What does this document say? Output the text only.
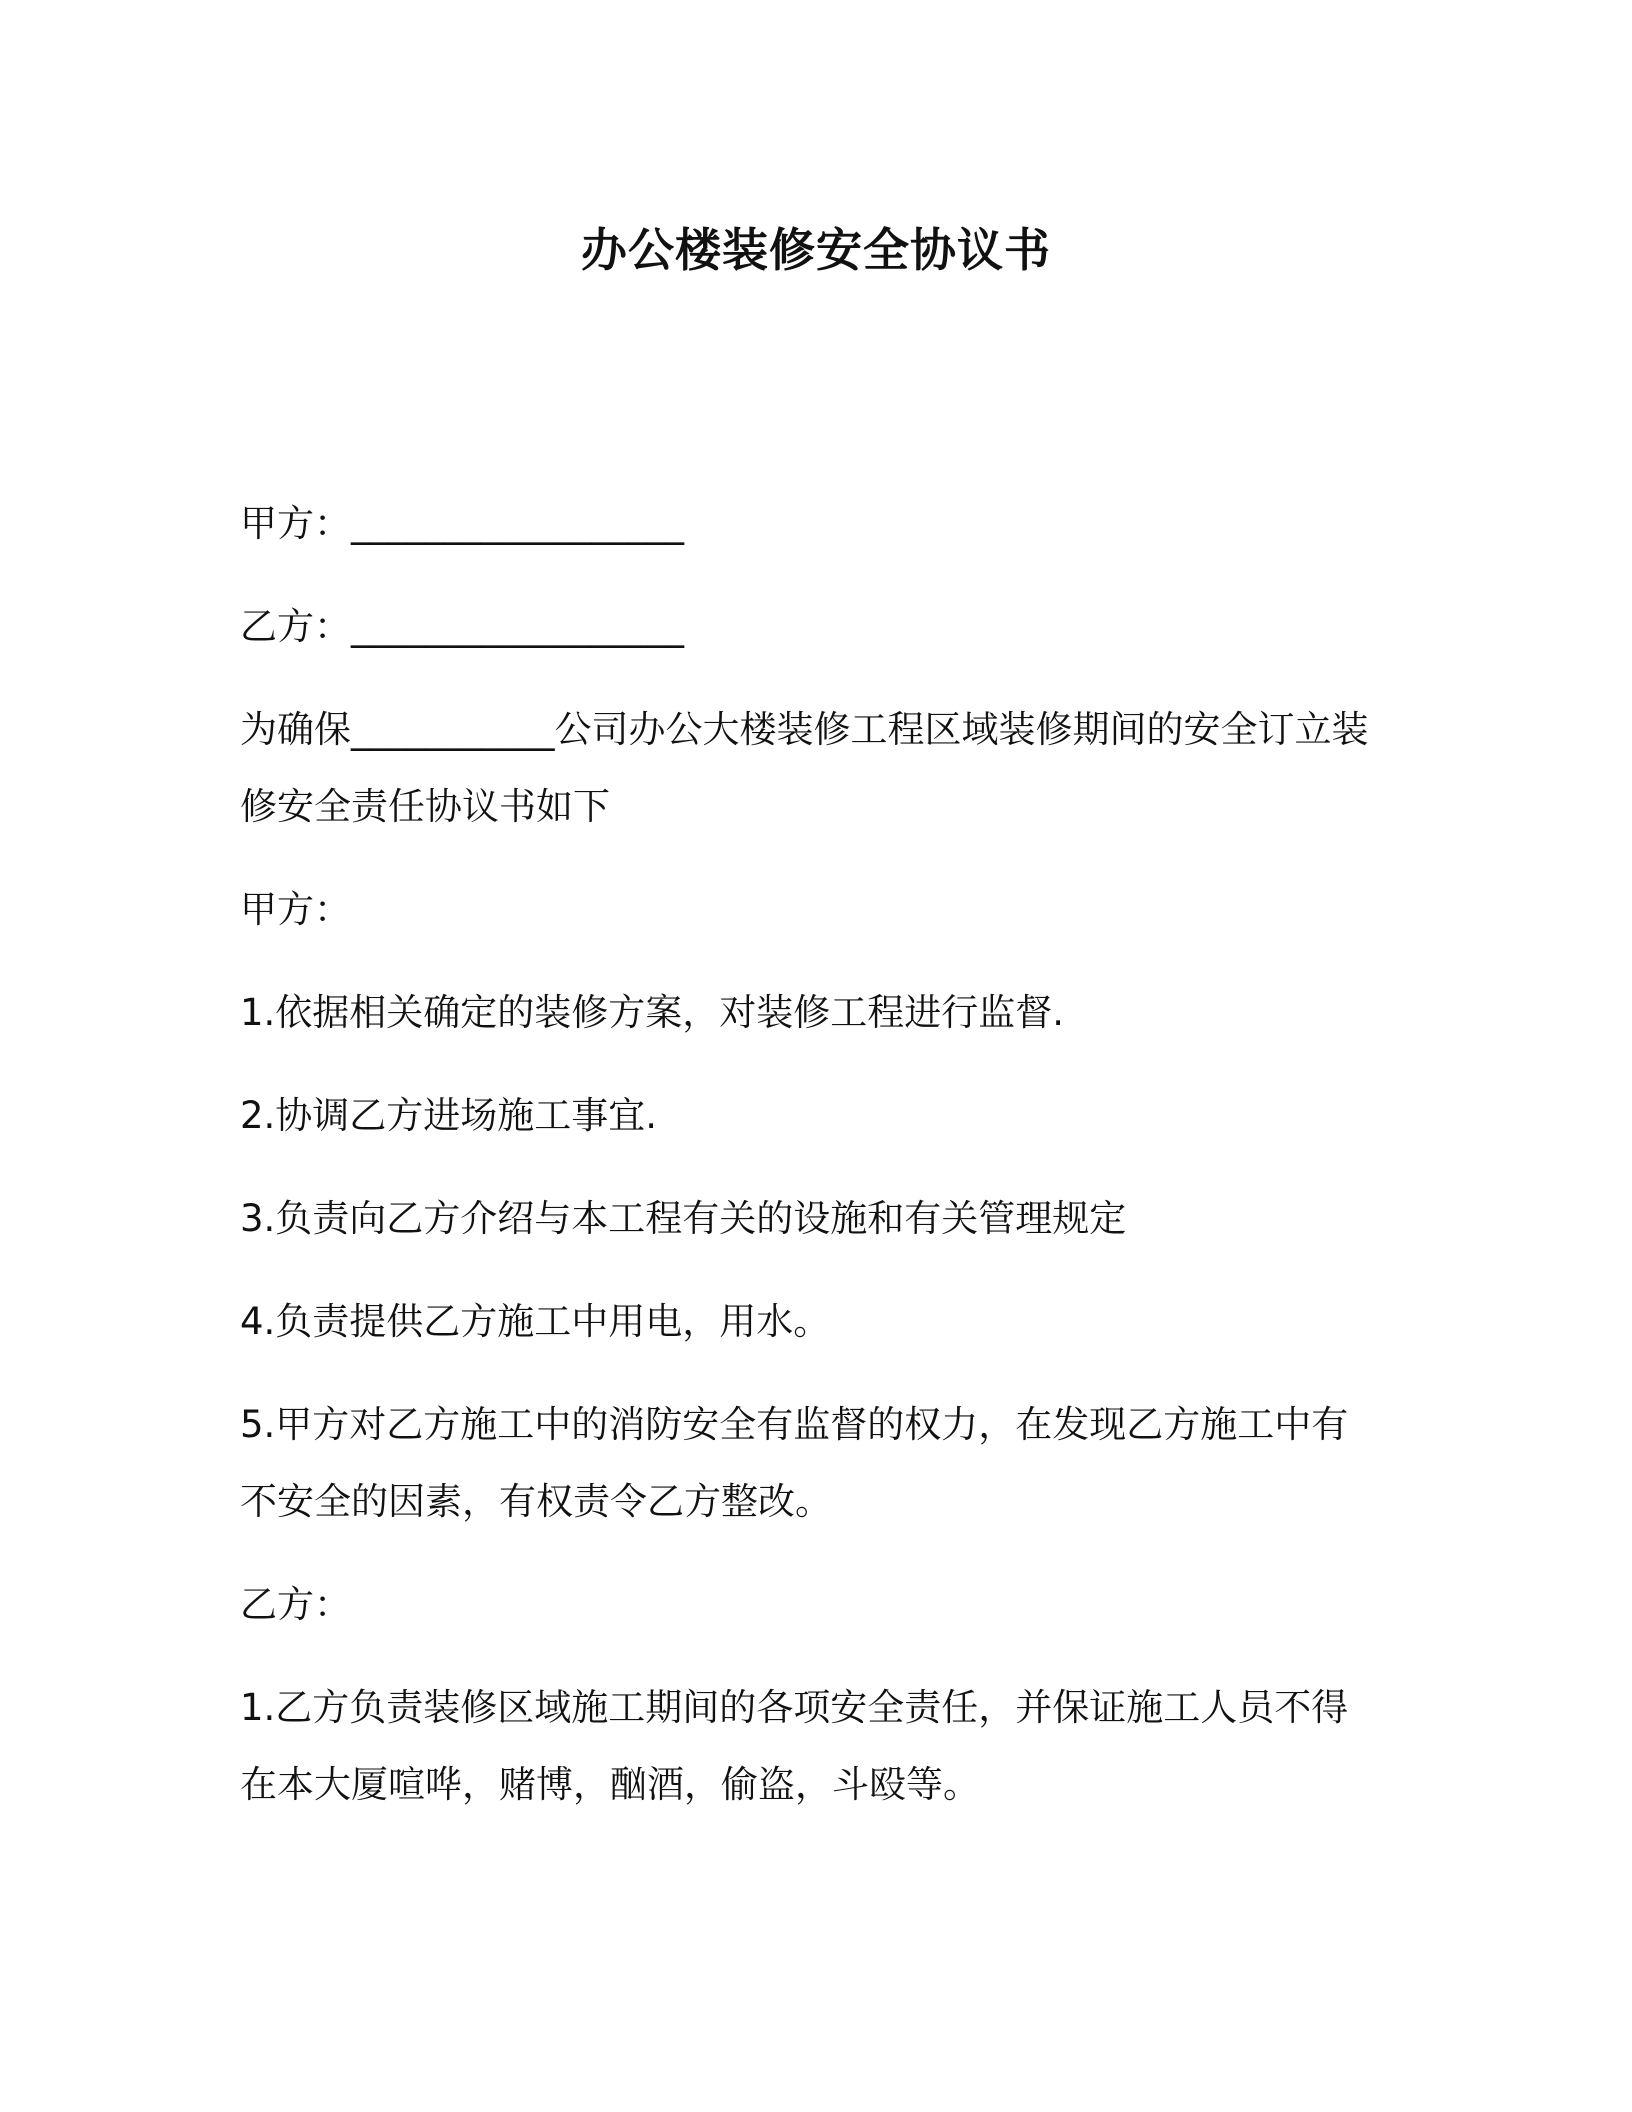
办公楼装修安全协议书
甲方：__________________
乙方：__________________
为确保___________公司办公大楼装修工程区域装修期间的安全订立装
修安全责任协议书如下
甲方：
1.依据相关确定的装修方案，对装修工程进行监督.
2.协调乙方进场施工事宜.
3.负责向乙方介绍与本工程有关的设施和有关管理规定
4.负责提供乙方施工中用电，用水。
5.甲方对乙方施工中的消防安全有监督的权力，在发现乙方施工中有
不安全的因素，有权责令乙方整改。
乙方：
1.乙方负责装修区域施工期间的各项安全责任，并保证施工人员不得
在本大厦喧哗，赌博，酗酒，偷盗，斗殴等。
